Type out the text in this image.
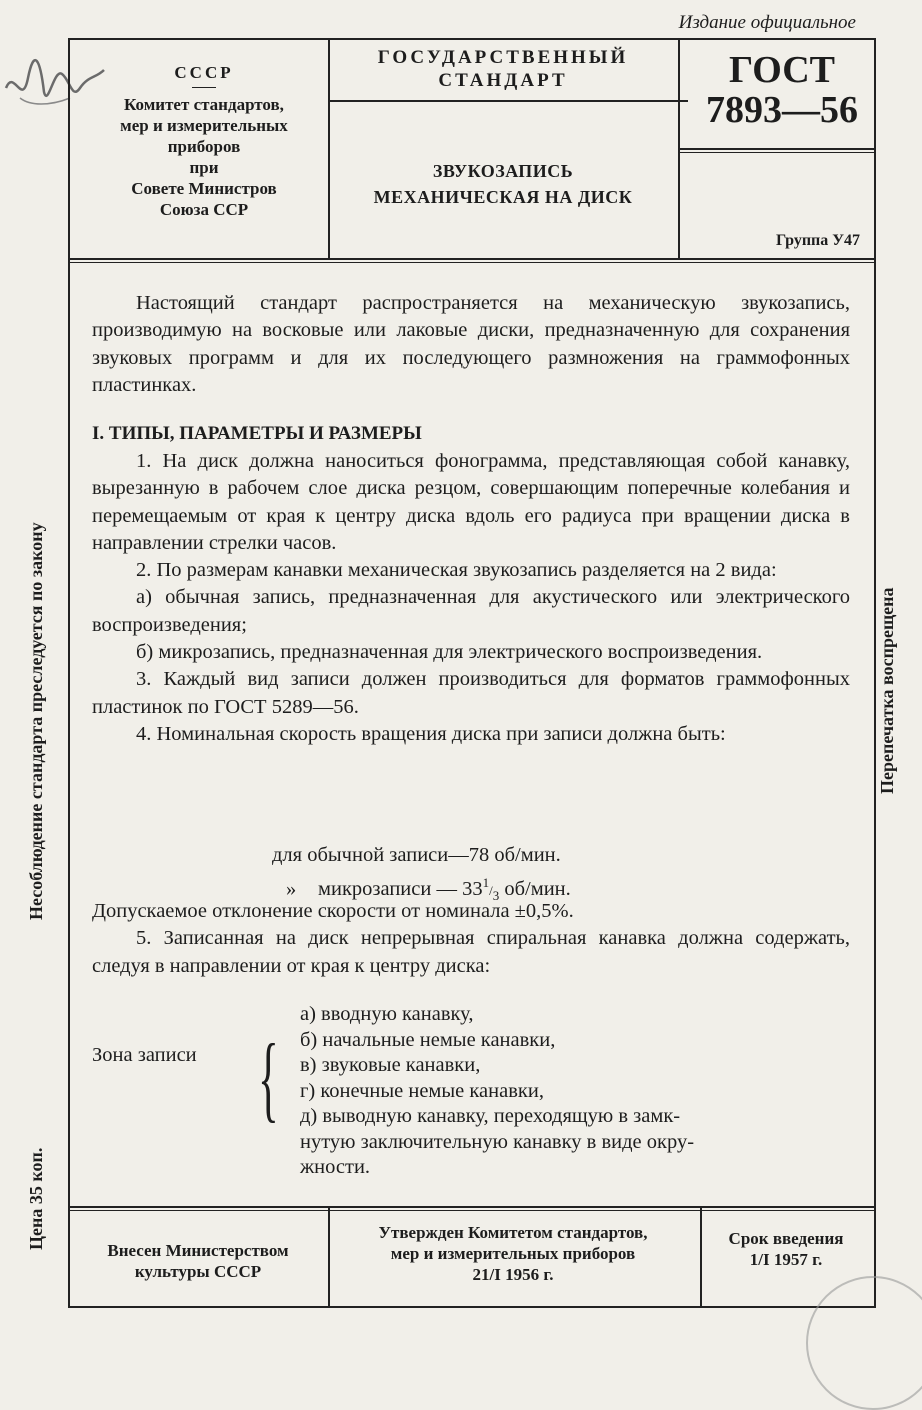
Издание официальное
СССР
Комитет стандартов,
мер и измерительных
приборов
при
Совете Министров
Союза ССР
ГОСУДАРСТВЕННЫЙ
СТАНДАРТ
ЗВУКОЗАПИСЬ
МЕХАНИЧЕСКАЯ НА ДИСК
ГОСТ
7893—56
Группа У47

Настоящий стандарт распространяется на механическую звукозапись, производимую на восковые или лаковые диски, предназначенную для сохранения звуковых программ и для их последующего размножения на граммофонных пластинках.

I. ТИПЫ, ПАРАМЕТРЫ И РАЗМЕРЫ

1. На диск должна наноситься фонограмма, представляющая собой канавку, вырезанную в рабочем слое диска резцом, совершающим поперечные колебания и перемещаемым от края к центру диска вдоль его радиуса при вращении диска в направлении стрелки часов.

2. По размерам канавки механическая звукозапись разделяется на 2 вида:

а) обычная запись, предназначенная для акустического или электрического воспроизведения;

б) микрозапись, предназначенная для электрического воспроизведения.

3. Каждый вид записи должен производиться для форматов граммофонных пластинок по ГОСТ 5289—56.

4. Номинальная скорость вращения диска при записи должна быть:

для обычной записи—78 об/мин.
» микрозаписи — $33^1/_3$ об/мин.

Допускаемое отклонение скорости от номинала ±0,5%.

5. Записанная на диск непрерывная спиральная канавка должна содержать, следуя в направлении от края к центру диска:

Зона записи {
а) вводную канавку,
б) начальные немые канавки,
в) звуковые канавки,
г) конечные немые канавки,
д) выводную канавку, переходящую в замк-
нутую заключительную канавку в виде окру-
жности.
Цена 35 коп.
Несоблюдение стандарта преследуется по закону	Перепечатка воспрещена
Внесен Министерством
культуры СССР
Утвержден Комитетом стандартов,
мер и измерительных приборов
21/I 1956 г.
Срок введения
1/I 1957 г.
